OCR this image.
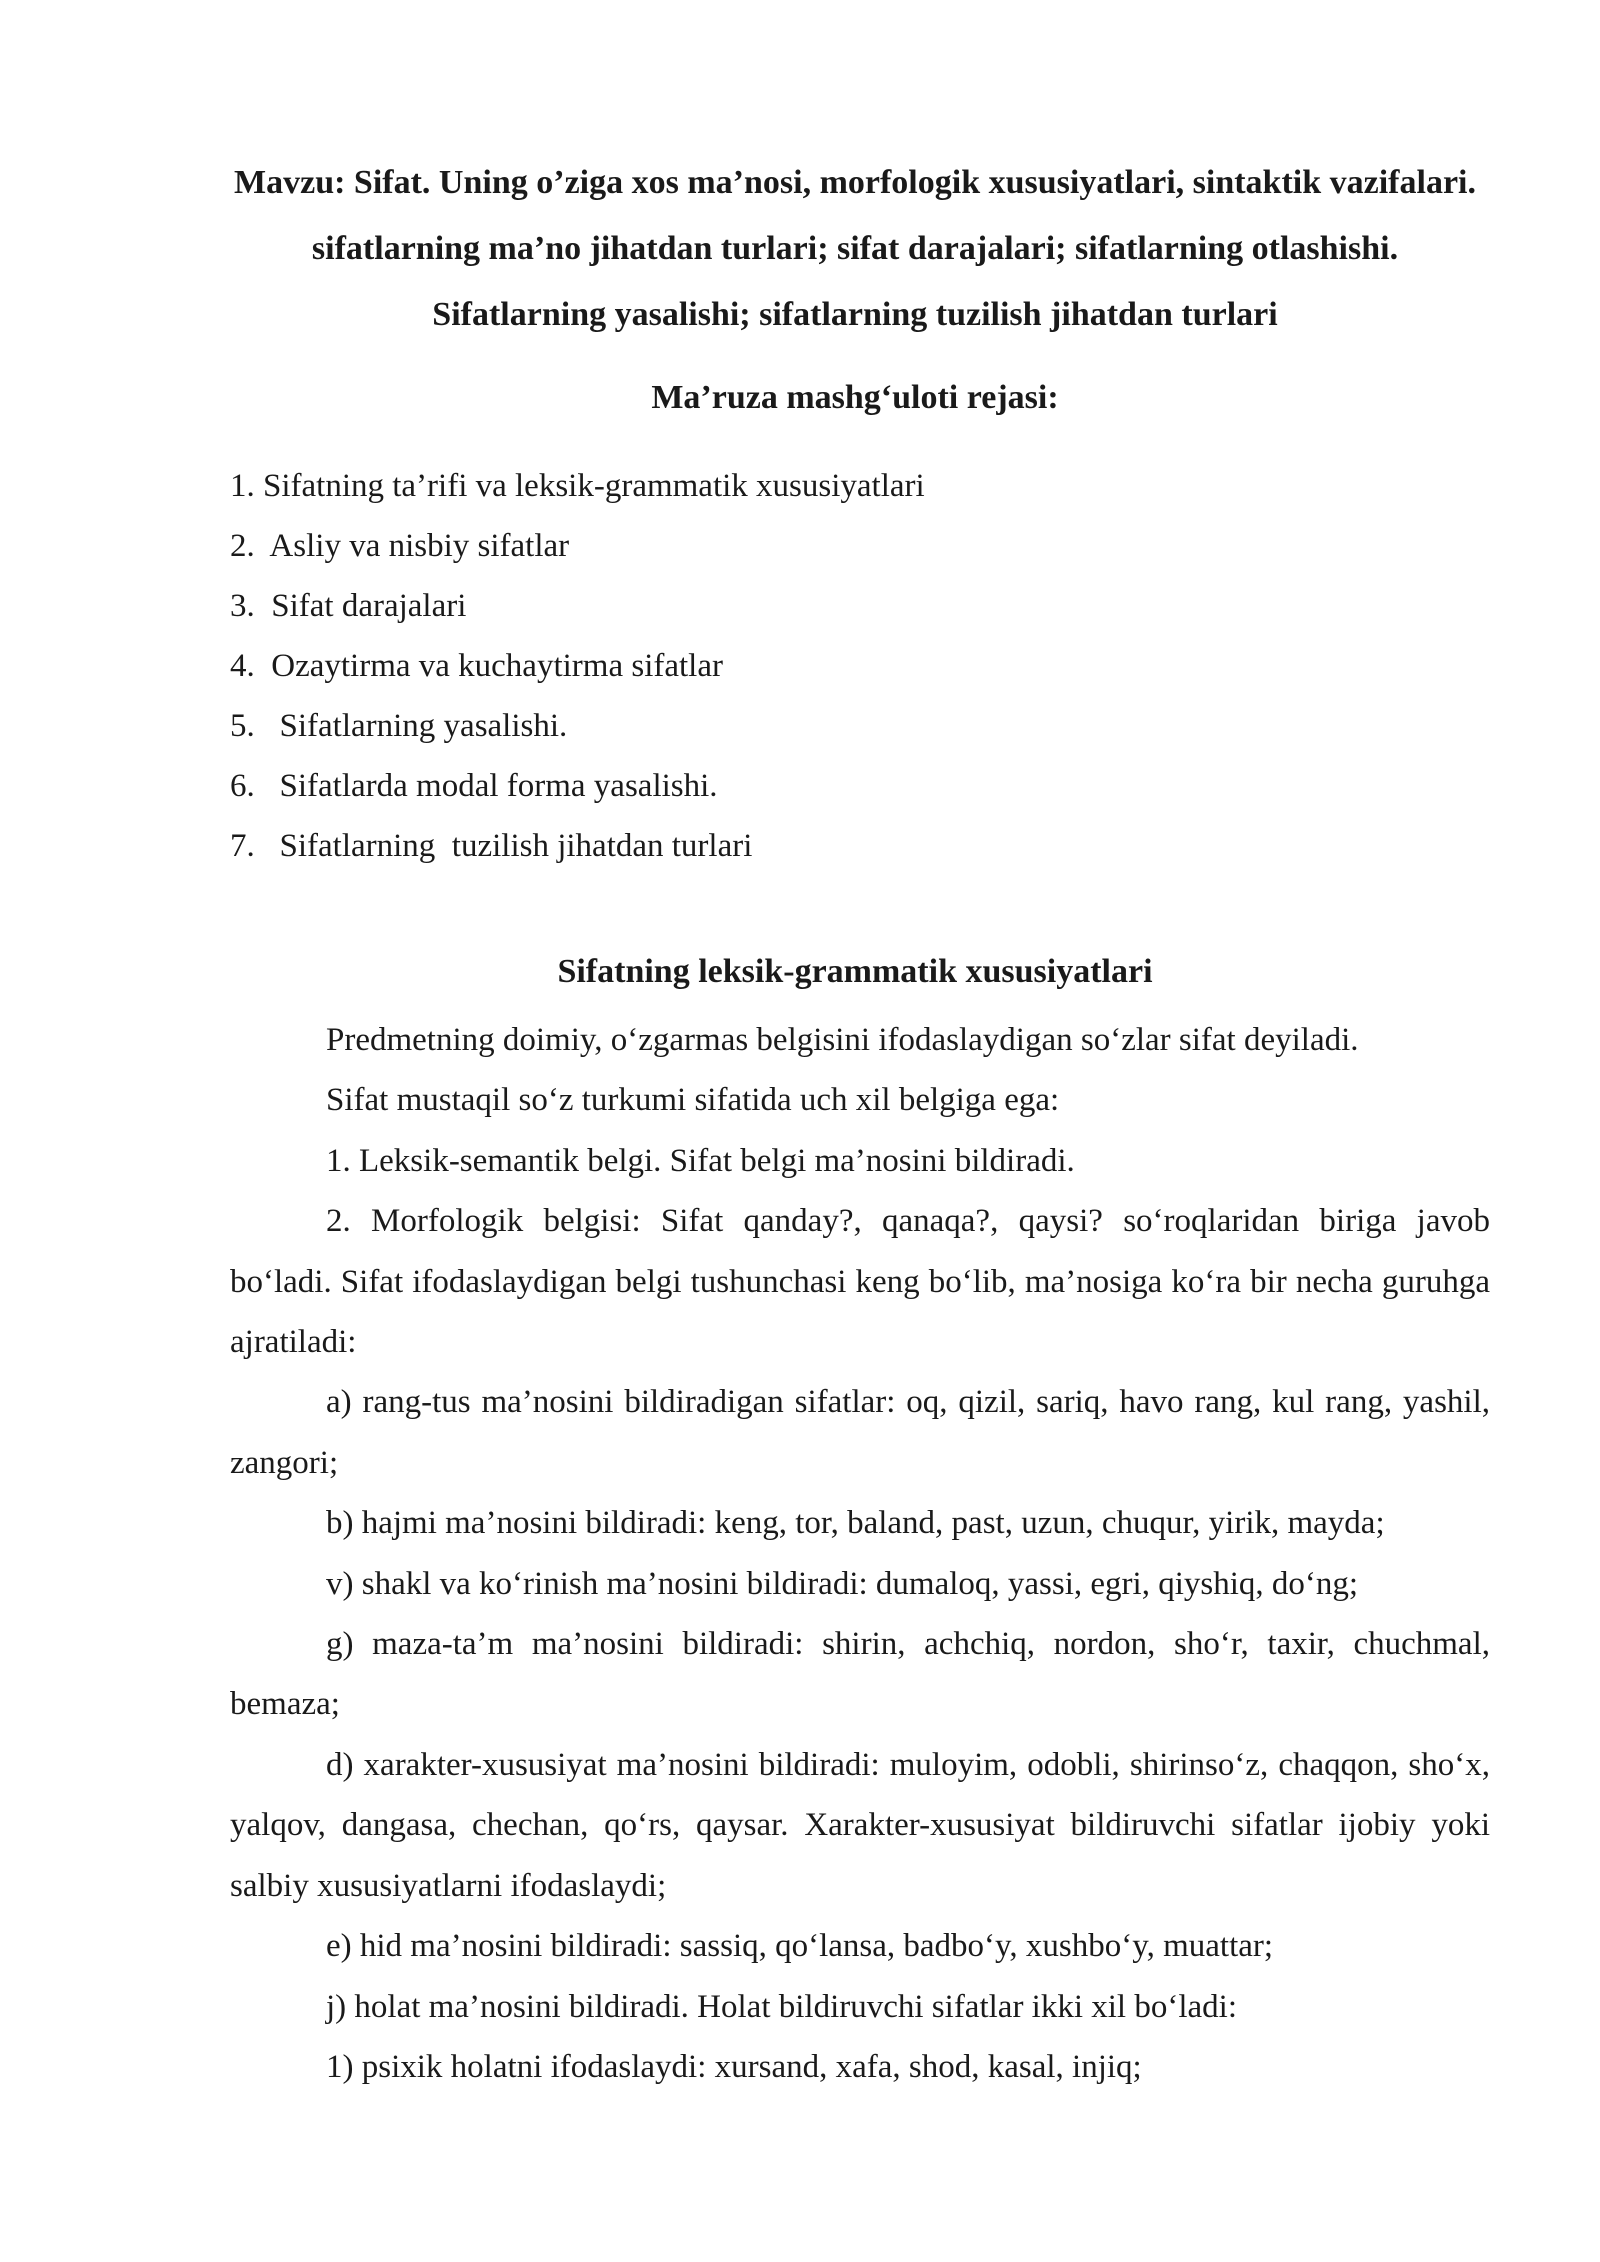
Mavzu: Sifat. Uning o’ziga xos ma’nosi, morfologik xususiyatlari, sintaktik vazifalari. sifatlarning ma’no jihatdan turlari; sifat darajalari; sifatlarning otlashishi. Sifatlarning yasalishi; sifatlarning tuzilish jihatdan turlari
Ma’ruza mashg‘uloti rejasi:
1. Sifatning ta’rifi va leksik-grammatik xususiyatlari
2.  Asliy va nisbiy sifatlar
3.  Sifat darajalari
4.  Ozaytirma va kuchaytirma sifatlar
5.   Sifatlarning yasalishi.
6.   Sifatlarda modal forma yasalishi.
7.   Sifatlarning  tuzilish jihatdan turlari
Sifatning leksik-grammatik xususiyatlari

Predmetning doimiy, o‘zgarmas belgisini ifodaslaydigan so‘zlar sifat deyiladi.

Sifat mustaqil so‘z turkumi sifatida uch xil belgiga ega:

1. Leksik-semantik belgi. Sifat belgi ma’nosini bildiradi.

2. Morfologik belgisi: Sifat qanday?, qanaqa?, qaysi? so‘roqlaridan biriga javob bo‘ladi. Sifat ifodaslaydigan belgi tushunchasi keng bo‘lib, ma’nosiga ko‘ra bir necha guruhga ajratiladi:

a) rang-tus ma’nosini bildiradigan sifatlar: oq, qizil, sariq, havo rang, kul rang, yashil, zangori;

b) hajmi ma’nosini bildiradi: keng, tor, baland, past, uzun, chuqur, yirik, mayda;

v) shakl va ko‘rinish ma’nosini bildiradi: dumaloq, yassi, egri, qiyshiq, do‘ng;

g) maza-ta’m ma’nosini bildiradi: shirin, achchiq, nordon, sho‘r, taxir, chuchmal, bemaza;

d) xarakter-xususiyat ma’nosini bildiradi: muloyim, odobli, shirinso‘z, chaqqon, sho‘x, yalqov, dangasa, chechan, qo‘rs, qaysar. Xarakter-xususiyat bildiruvchi sifatlar ijobiy yoki salbiy xususiyatlarni ifodaslaydi;

e) hid ma’nosini bildiradi: sassiq, qo‘lansa, badbo‘y, xushbo‘y, muattar;

j) holat ma’nosini bildiradi. Holat bildiruvchi sifatlar ikki xil bo‘ladi:

1) psixik holatni ifodaslaydi: xursand, xafa, shod, kasal, injiq;
